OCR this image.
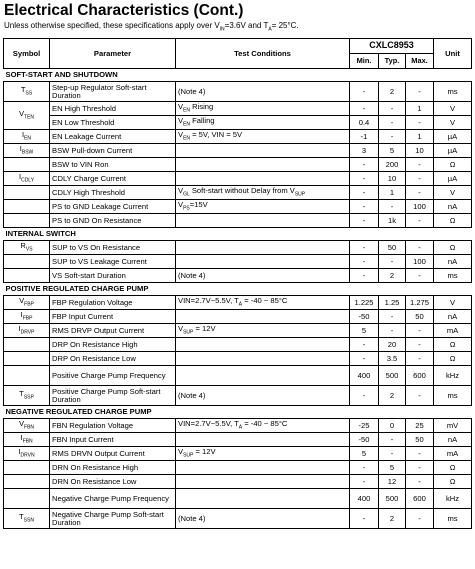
Electrical Characteristics (Cont.)
Unless otherwise specified, these specifications apply over $V_{IN}=3.6V$ and $T_A= 25^\circ C$.
Symbol	Parameter	Test Conditions	CXLC8953			Unit
			Min.	Typ.	Max.	
SOFT-START AND SHUTDOWN						
$T_{SS}$	Step-up Regulator Soft-start Duration	(Note 4)	-	2	-	ms
$V_{TEN}$	EN High Threshold	$V_{EN}$ Rising	-	-	1	V
	EN Low Threshold	$V_{EN}$ Falling	0.4	-	-	V
$I_{EN}$	EN Leakage Current	$V_{EN} = 5V$, VIN = 5V	-1	-	1	µA
$I_{BSW}$	BSW Pull-down Current		3	5	10	µA
	BSW to VIN Ron		-	200	-	Ω
$I_{CDLY}$	CDLY Charge Current		-	10	-	µA
	CDLY High Threshold	$V_{GL}$ Soft-start without Delay from $V_{SUP}$	-	1	-	V
	PS to GND Leakage Current	$V_{PS}=15V$	-	-	100	nA
	PS to GND On Resistance		-	1k	-	Ω
INTERNAL SWITCH						
$R_{VS}$	SUP to VS On Resistance		-	50	-	Ω
	SUP to VS Leakage Current		-	-	100	nA
	VS Soft-start Duration	(Note 4)	-	2	-	ms
POSITIVE REGULATED CHARGE PUMP						
$V_{FBP}$	FBP Regulation Voltage	VIN=2.7V~5.5V, $T_A = -40$ ~ 85°C	1.225	1.25	1.275	V
$I_{FBP}$	FBP Input Current		-50	-	50	nA
$I_{DRVP}$	RMS DRVP Output Current	$V_{SUP} = 12V$	5	-	-	mA
	DRP On Resistance High		-	20	-	Ω
	DRP On Resistance Low		-	3.5	-	Ω
	Positive Charge Pump Frequency		400	500	600	kHz
$T_{SSP}$	Positive Charge Pump Soft-start Duration	(Note 4)	-	2	-	ms
NEGATIVE REGULATED CHARGE PUMP						
$V_{FBN}$	FBN Regulation Voltage	VIN=2.7V~5.5V, $T_A = -40$ ~ 85°C	-25	0	25	mV
$I_{FBN}$	FBN Input Current		-50	-	50	nA
$I_{DRVN}$	RMS DRVN Output Current	$V_{SUP} = 12V$	5	-	-	mA
	DRN On Resistance High		-	5	-	Ω
	DRN On Resistance Low		-	12	-	Ω
	Negative Charge Pump Frequency		400	500	600	kHz
$T_{SSN}$	Negative Charge Pump Soft-start Duration	(Note 4)	-	2	-	ms
